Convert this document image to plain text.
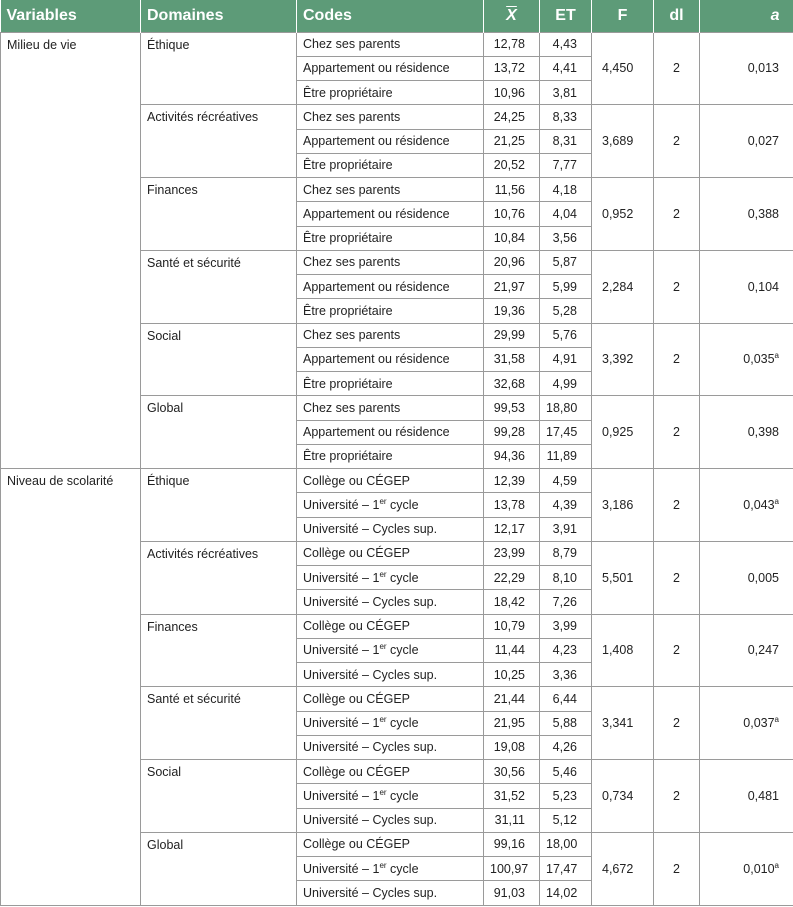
Variables	Domaines	Codes	$\overline{X}$	ET	F	dl	a
Milieu de vie	Éthique	Chez ses parents	12,78	4,43	4,450	2	0,013
		Appartement ou résidence	13,72	4,41			
		Être propriétaire	10,96	3,81			
	Activités récréatives	Chez ses parents	24,25	8,33	3,689	2	0,027
		Appartement ou résidence	21,25	8,31			
		Être propriétaire	20,52	7,77			
	Finances	Chez ses parents	11,56	4,18	0,952	2	0,388
		Appartement ou résidence	10,76	4,04			
		Être propriétaire	10,84	3,56			
	Santé et sécurité	Chez ses parents	20,96	5,87	2,284	2	0,104
		Appartement ou résidence	21,97	5,99			
		Être propriétaire	19,36	5,28			
	Social	Chez ses parents	29,99	5,76	3,392	2	0,035$^a$
		Appartement ou résidence	31,58	4,91			
		Être propriétaire	32,68	4,99			
	Global	Chez ses parents	99,53	18,80	0,925	2	0,398
		Appartement ou résidence	99,28	17,45			
		Être propriétaire	94,36	11,89			
Niveau de scolarité	Éthique	Collège ou CÉGEP	12,39	4,59	3,186	2	0,043$^a$
		Université – 1er cycle	13,78	4,39			
		Université – Cycles sup.	12,17	3,91			
	Activités récréatives	Collège ou CÉGEP	23,99	8,79	5,501	2	0,005
		Université – 1er cycle	22,29	8,10			
		Université – Cycles sup.	18,42	7,26			
	Finances	Collège ou CÉGEP	10,79	3,99	1,408	2	0,247
		Université – 1er cycle	11,44	4,23			
		Université – Cycles sup.	10,25	3,36			
	Santé et sécurité	Collège ou CÉGEP	21,44	6,44	3,341	2	0,037$^a$
		Université – 1er cycle	21,95	5,88			
		Université – Cycles sup.	19,08	4,26			
	Social	Collège ou CÉGEP	30,56	5,46	0,734	2	0,481
		Université – 1er cycle	31,52	5,23			
		Université – Cycles sup.	31,11	5,12			
	Global	Collège ou CÉGEP	99,16	18,00	4,672	2	0,010$^a$
		Université – 1er cycle	100,97	17,47			
		Université – Cycles sup.	91,03	14,02			
